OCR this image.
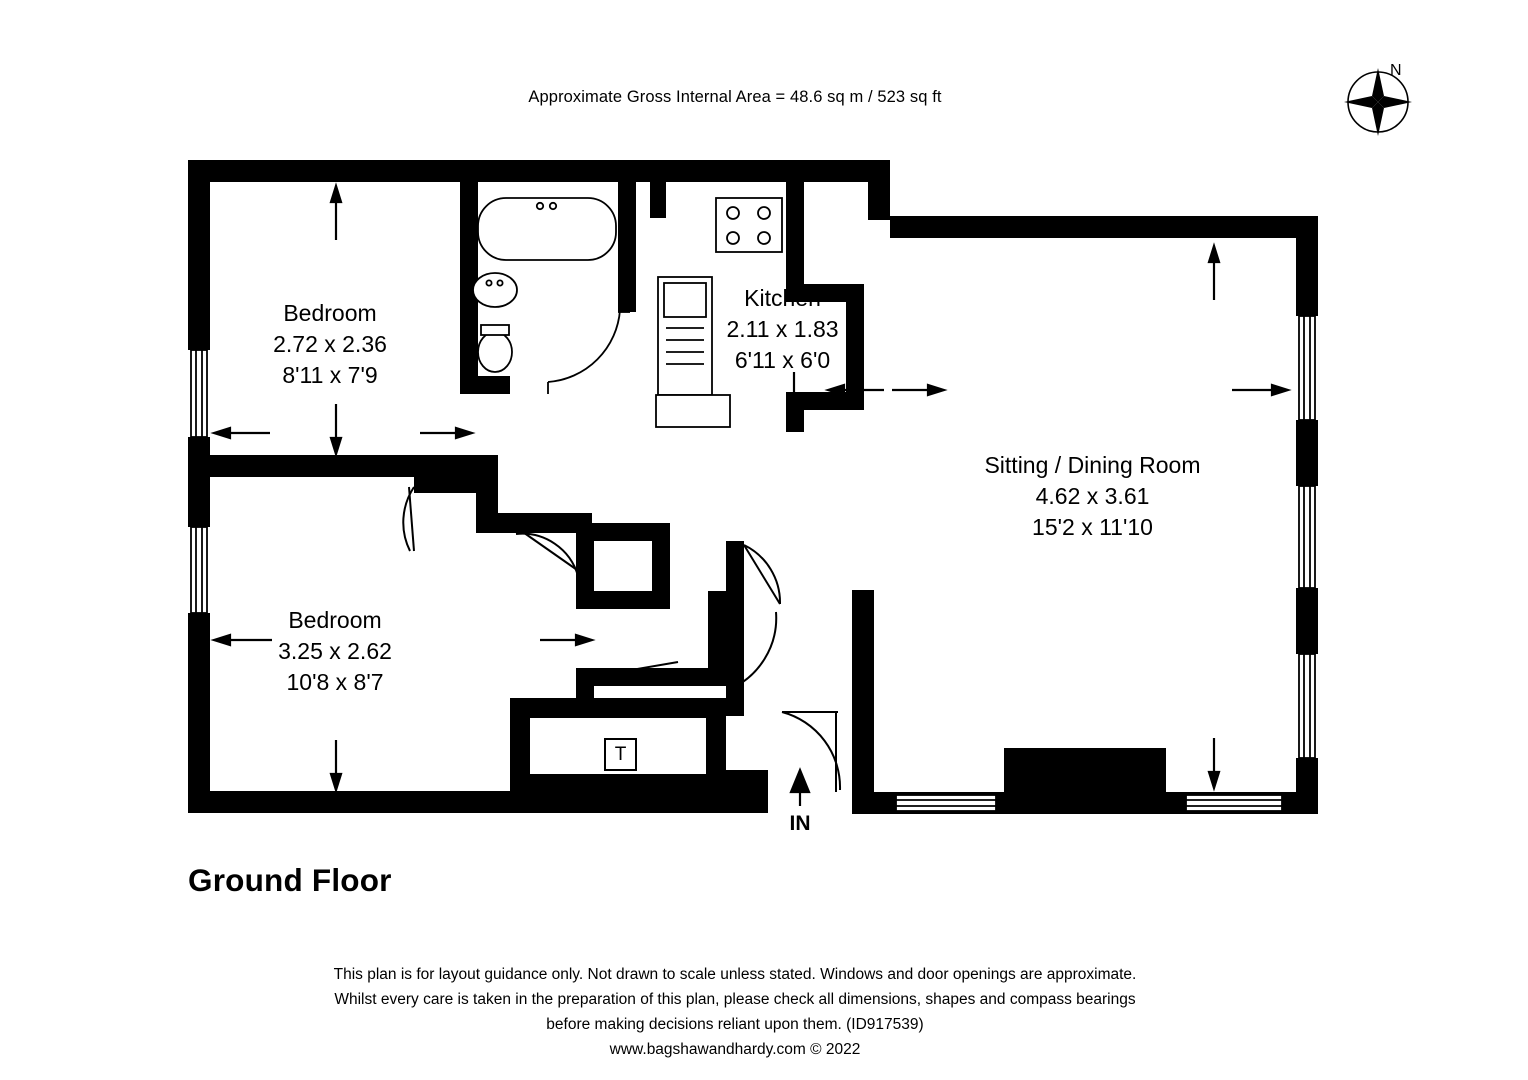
Approximate Gross Internal Area = 48.6 sq m / 523 sq ft
N
Bedroom
2.72 x 2.36
8'11 x 7'9
Bedroom
3.25 x 2.62
10'8 x 8'7
Kitchen
2.11 x 1.83
6'11 x 6'0
Sitting / Dining Room
4.62 x 3.61
15'2 x 11'10
T
IN
Ground Floor
This plan is for layout guidance only. Not drawn to scale unless stated. Windows and door openings are approximate.
Whilst every care is taken in the preparation of this plan, please check all dimensions, shapes and compass bearings
before making decisions reliant upon them. (ID917539)
www.bagshawandhardy.com © 2022
